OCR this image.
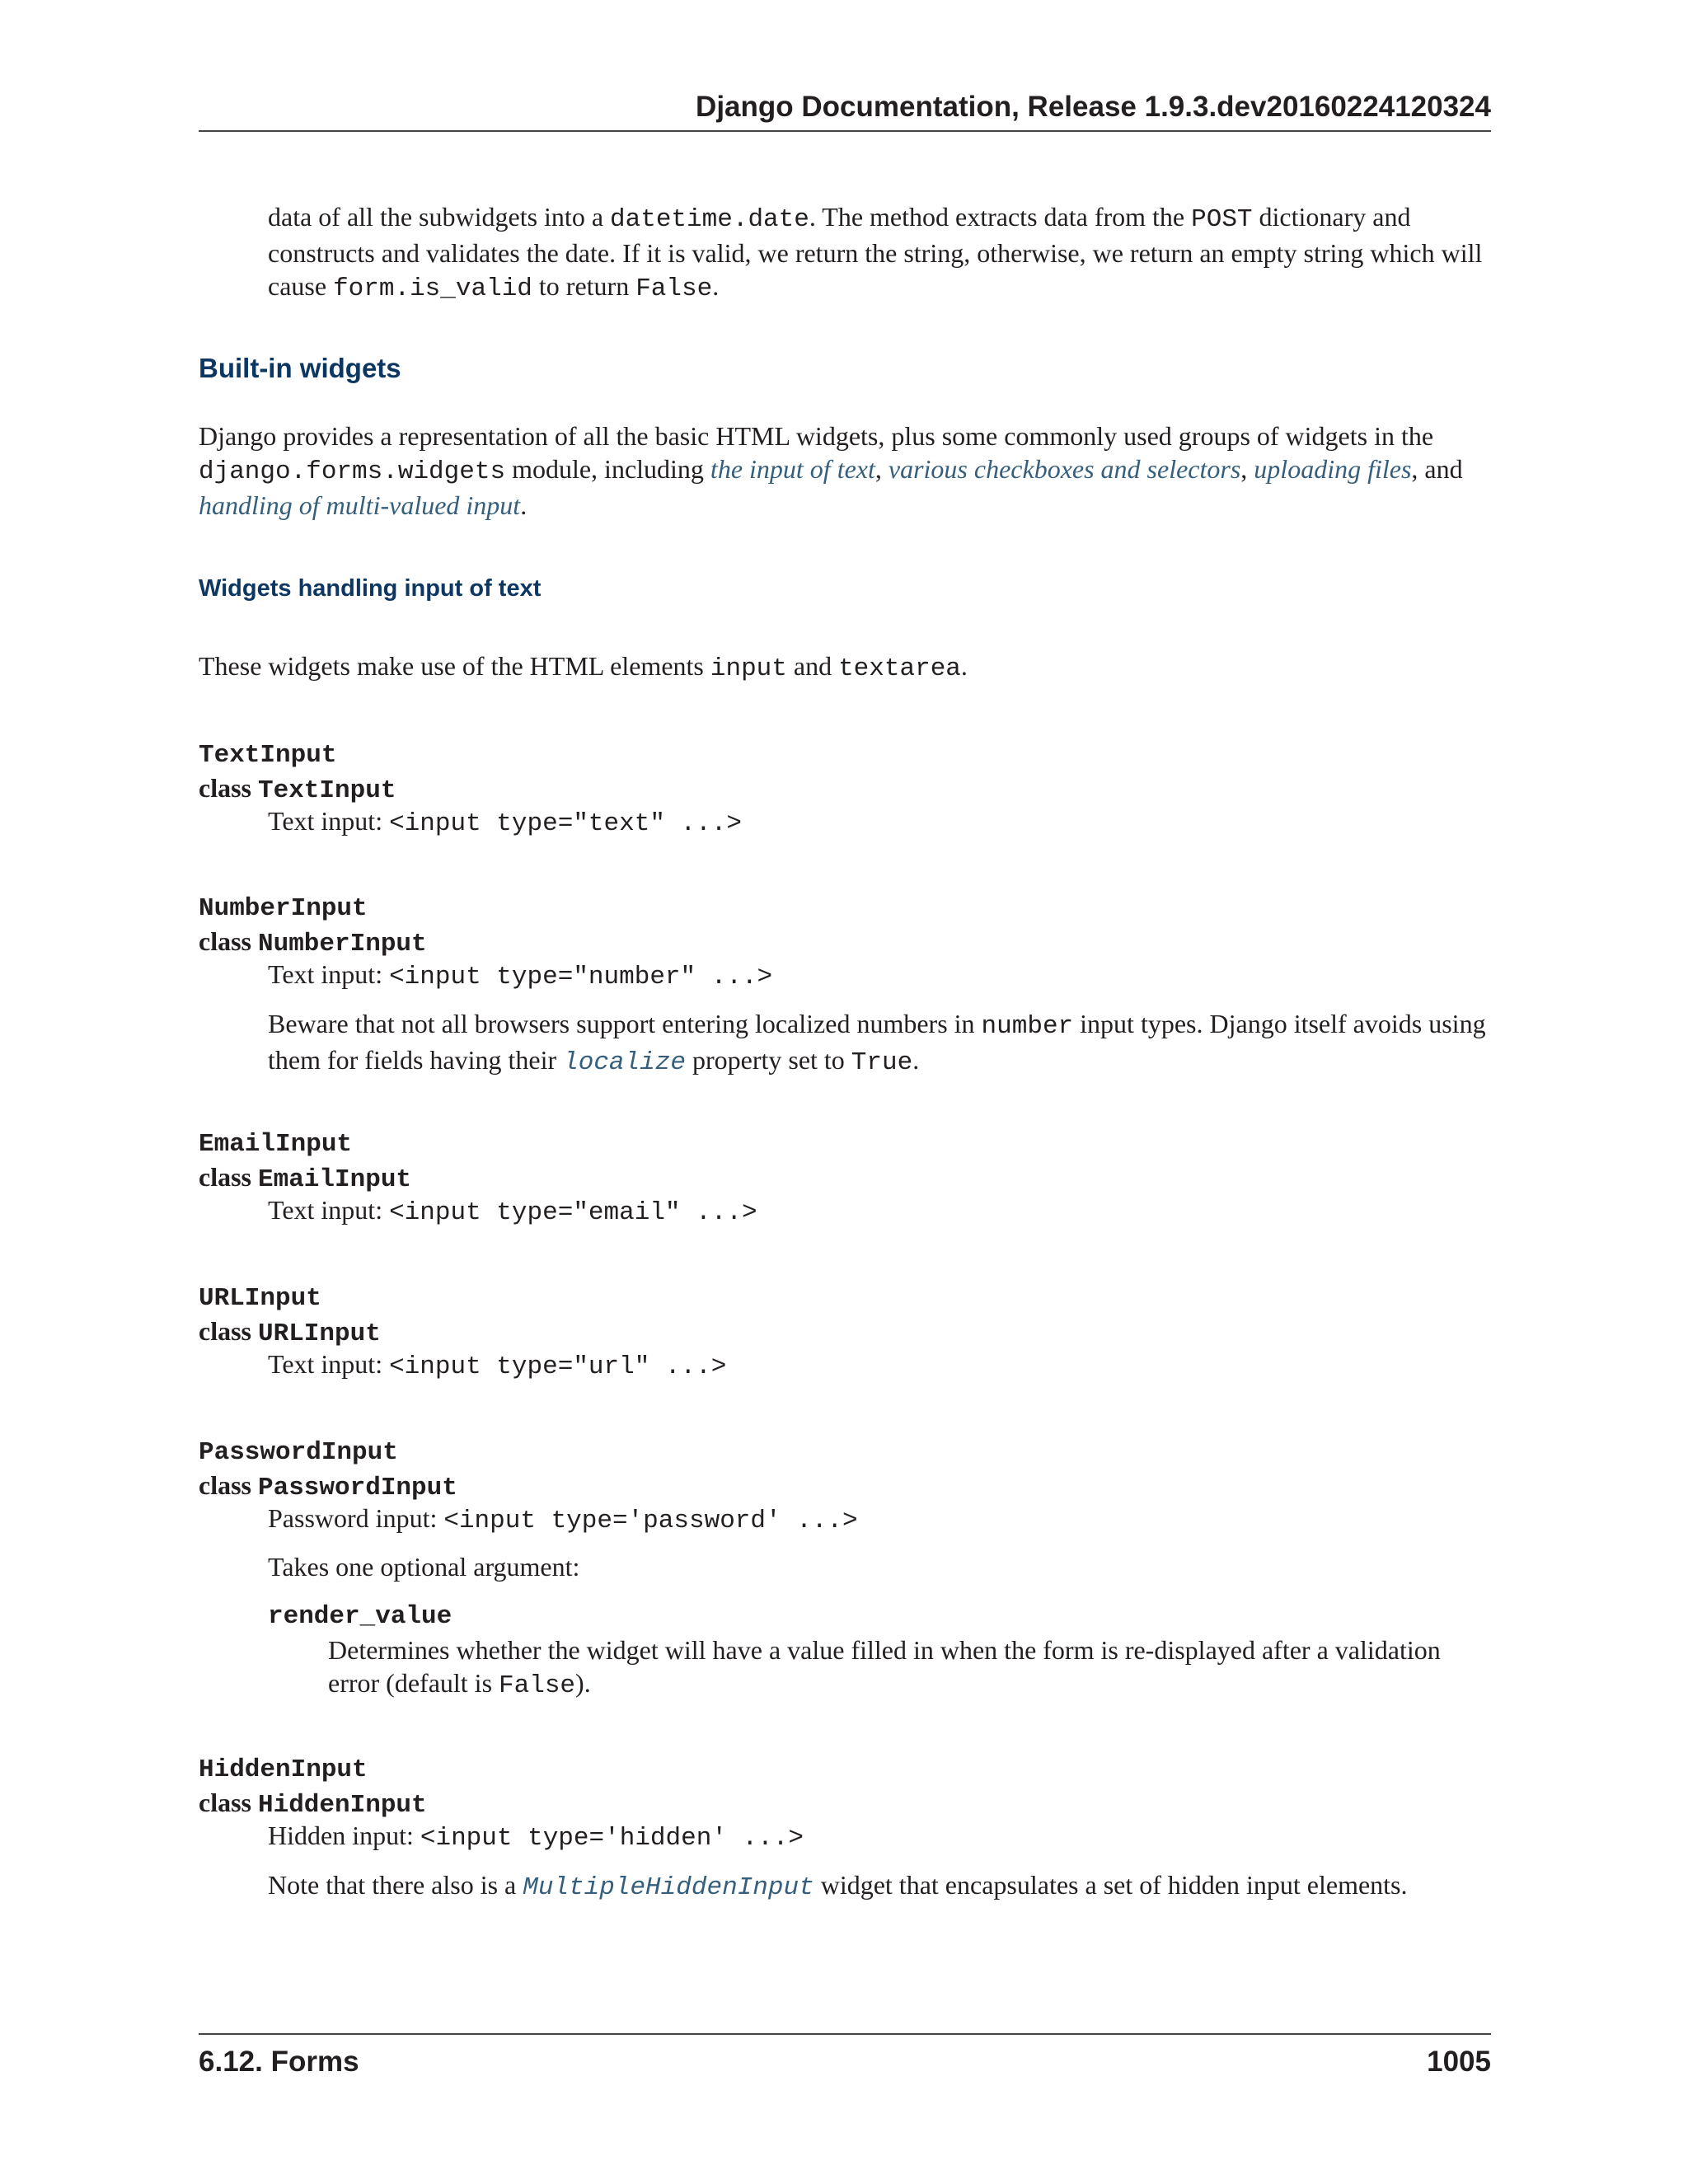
Django Documentation, Release 1.9.3.dev20160224120324
data of all the subwidgets into a datetime.date. The method extracts data from the POST dictionary and constructs and validates the date. If it is valid, we return the string, otherwise, we return an empty string which will cause form.is_valid to return False.
Built-in widgets
Django provides a representation of all the basic HTML widgets, plus some commonly used groups of widgets in the django.forms.widgets module, including the input of text, various checkboxes and selectors, uploading files, and handling of multi-valued input.
Widgets handling input of text
These widgets make use of the HTML elements input and textarea.
TextInput
class TextInput
Text input: <input type="text" ...>
NumberInput
class NumberInput
Text input: <input type="number" ...>
Beware that not all browsers support entering localized numbers in number input types. Django itself avoids using them for fields having their localize property set to True.
EmailInput
class EmailInput
Text input: <input type="email" ...>
URLInput
class URLInput
Text input: <input type="url" ...>
PasswordInput
class PasswordInput
Password input: <input type='password' ...>
Takes one optional argument:
render_value
Determines whether the widget will have a value filled in when the form is re-displayed after a validation error (default is False).
HiddenInput
class HiddenInput
Hidden input: <input type='hidden' ...>
Note that there also is a MultipleHiddenInput widget that encapsulates a set of hidden input elements.
6.12. Forms	1005
